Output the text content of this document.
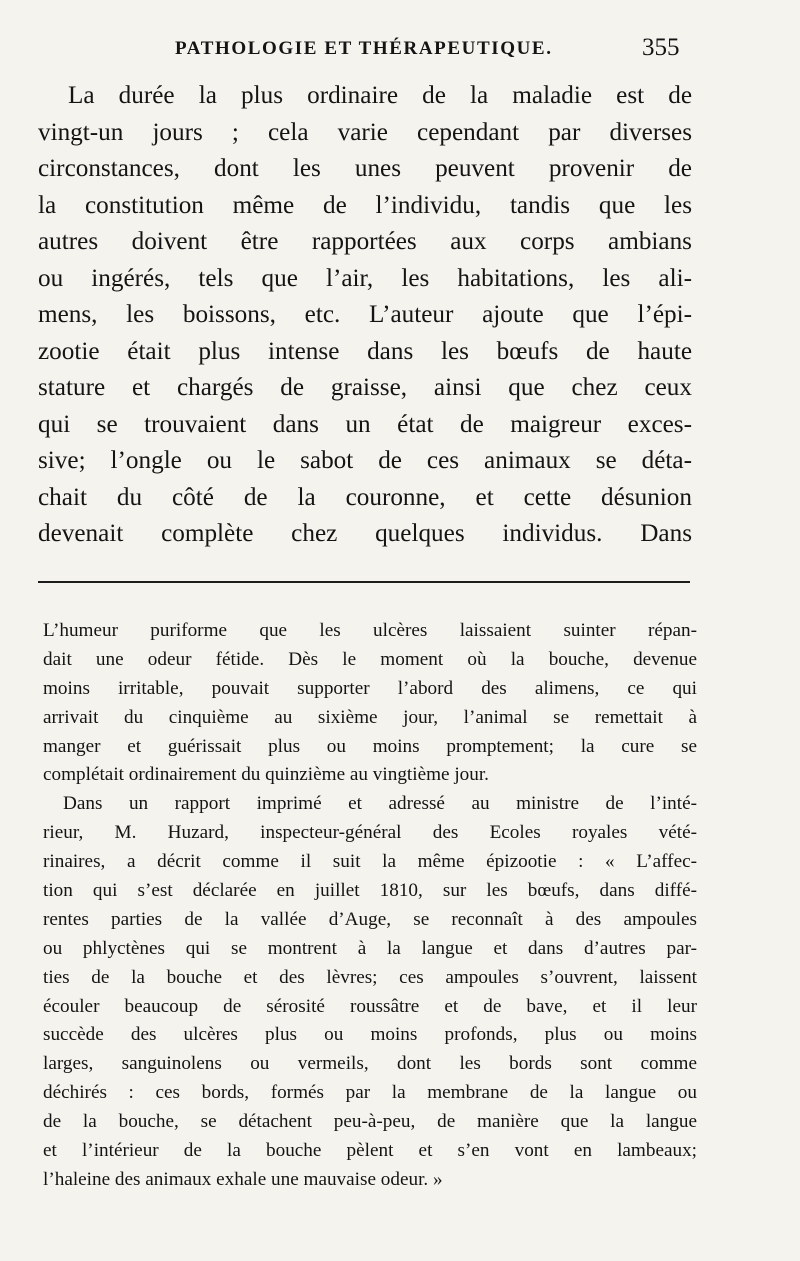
PATHOLOGIE ET THÉRAPEUTIQUE.	355
La durée la plus ordinaire de la maladie est de
vingt-un jours ; cela varie cependant par diverses
circonstances, dont les unes peuvent provenir de
la constitution même de l’individu, tandis que les
autres doivent être rapportées aux corps ambians
ou ingérés, tels que l’air, les habitations, les ali-
mens, les boissons, etc. L’auteur ajoute que l’épi-
zootie était plus intense dans les bœufs de haute
stature et chargés de graisse, ainsi que chez ceux
qui se trouvaient dans un état de maigreur exces-
sive; l’ongle ou le sabot de ces animaux se déta-
chait du côté de la couronne, et cette désunion
devenait complète chez quelques individus. Dans
L’humeur puriforme que les ulcères laissaient suinter répan-
dait une odeur fétide. Dès le moment où la bouche, devenue
moins irritable, pouvait supporter l’abord des alimens, ce qui
arrivait du cinquième au sixième jour, l’animal se remettait à
manger et guérissait plus ou moins promptement; la cure se
complétait ordinairement du quinzième au vingtième jour.
Dans un rapport imprimé et adressé au ministre de l’inté-
rieur, M. Huzard, inspecteur-général des Ecoles royales vété-
rinaires, a décrit comme il suit la même épizootie : « L’affec-
tion qui s’est déclarée en juillet 1810, sur les bœufs, dans diffé-
rentes parties de la vallée d’Auge, se reconnaît à des ampoules
ou phlyctènes qui se montrent à la langue et dans d’autres par-
ties de la bouche et des lèvres; ces ampoules s’ouvrent, laissent
écouler beaucoup de sérosité roussâtre et de bave, et il leur
succède des ulcères plus ou moins profonds, plus ou moins
larges, sanguinolens ou vermeils, dont les bords sont comme
déchirés : ces bords, formés par la membrane de la langue ou
de la bouche, se détachent peu-à-peu, de manière que la langue
et l’intérieur de la bouche pèlent et s’en vont en lambeaux;
l’haleine des animaux exhale une mauvaise odeur. »
